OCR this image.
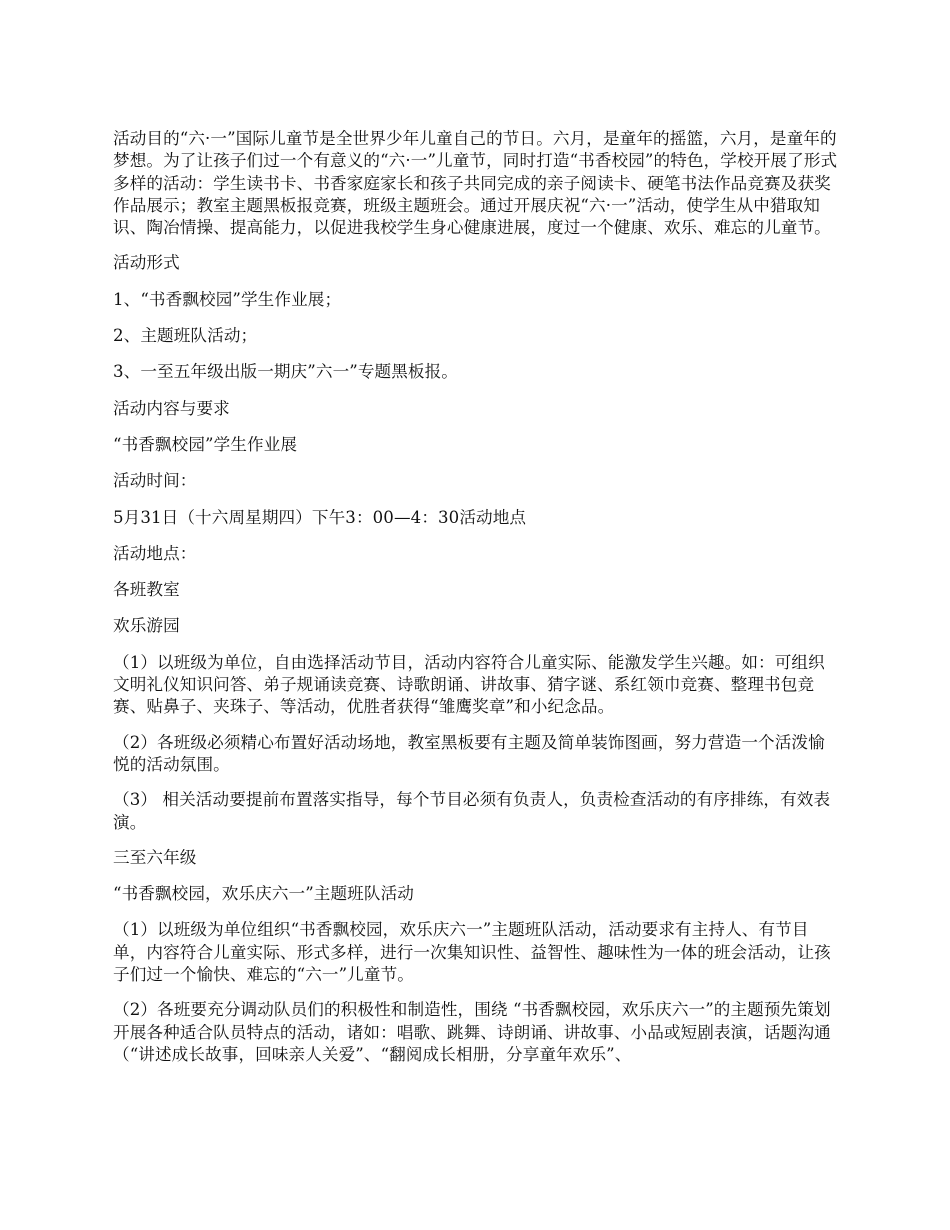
活动目的“六·一”国际儿童节是全世界少年儿童自己的节日。六月，是童年的摇篮，六月，是童年的梦想。为了让孩子们过一个有意义的“六·一”儿童节，同时打造“书香校园”的特色，学校开展了形式多样的活动：学生读书卡、书香家庭家长和孩子共同完成的亲子阅读卡、硬笔书法作品竞赛及获奖作品展示；教室主题黑板报竞赛，班级主题班会。通过开展庆祝“六·一”活动，使学生从中猎取知识、陶冶情操、提高能力，以促进我校学生身心健康进展，度过一个健康、欢乐、难忘的儿童节。

活动形式

1、“书香飘校园”学生作业展；

2、主题班队活动；

3、一至五年级出版一期庆”六一”专题黑板报。

活动内容与要求

“书香飘校园”学生作业展

活动时间：

5月31日（十六周星期四）下午3：00—4：30活动地点

活动地点：

各班教室

欢乐游园

（1）以班级为单位，自由选择活动节目，活动内容符合儿童实际、能激发学生兴趣。如：可组织文明礼仪知识问答、弟子规诵读竞赛、诗歌朗诵、讲故事、猜字谜、系红领巾竞赛、整理书包竞赛、贴鼻子、夹珠子、等活动，优胜者获得“雏鹰奖章”和小纪念品。

（2）各班级必须精心布置好活动场地，教室黑板要有主题及简单装饰图画，努力营造一个活泼愉悦的活动氛围。

（3） 相关活动要提前布置落实指导，每个节目必须有负责人，负责检查活动的有序排练，有效表演。

三至六年级

“书香飘校园，欢乐庆六一”主题班队活动

（1）以班级为单位组织“书香飘校园，欢乐庆六一”主题班队活动，活动要求有主持人、有节目单，内容符合儿童实际、形式多样，进行一次集知识性、益智性、趣味性为一体的班会活动，让孩子们过一个愉快、难忘的“六一”儿童节。

（2）各班要充分调动队员们的积极性和制造性，围绕 “书香飘校园，欢乐庆六一”的主题预先策划开展各种适合队员特点的活动，诸如：唱歌、跳舞、诗朗诵、讲故事、小品或短剧表演，话题沟通（“讲述成长故事，回味亲人关爱”、“翻阅成长相册，分享童年欢乐”、
